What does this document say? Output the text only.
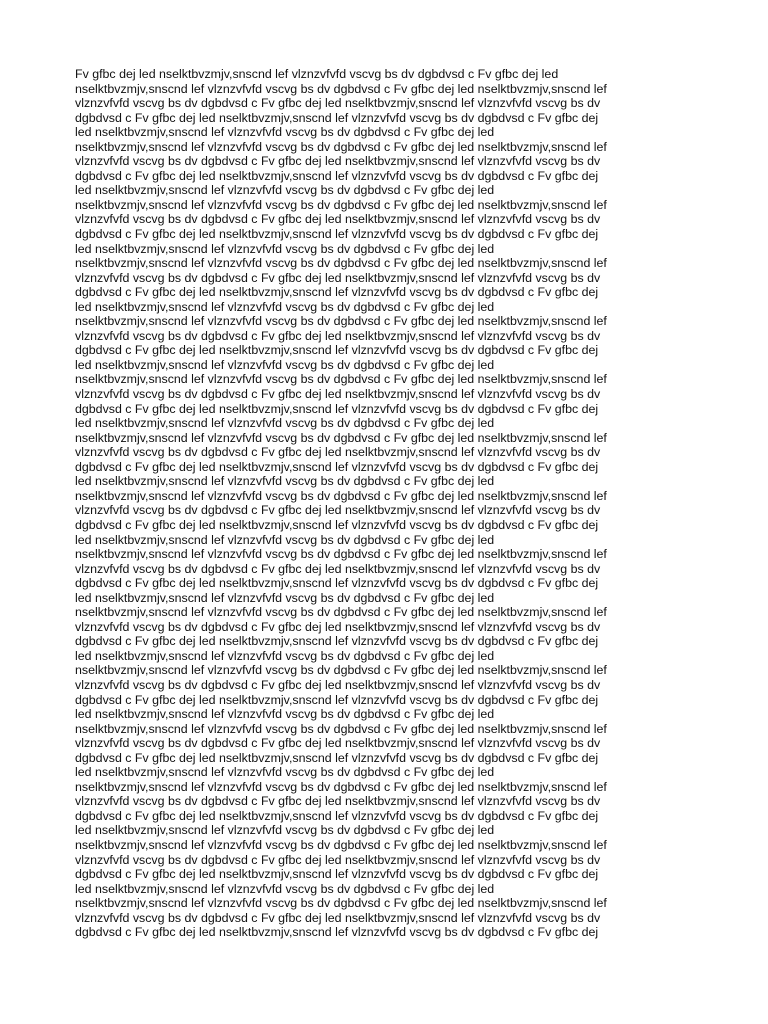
Fv gfbc dej led nselktbvzmjv,snscnd lef vlznzvfvfd vscvg bs dv dgbdvsd c Fv gfbc dej led
nselktbvzmjv,snscnd lef vlznzvfvfd vscvg bs dv dgbdvsd c Fv gfbc dej led nselktbvzmjv,snscnd lef
vlznzvfvfd vscvg bs dv dgbdvsd c Fv gfbc dej led nselktbvzmjv,snscnd lef vlznzvfvfd vscvg bs dv
dgbdvsd c Fv gfbc dej led nselktbvzmjv,snscnd lef vlznzvfvfd vscvg bs dv dgbdvsd c Fv gfbc dej
led nselktbvzmjv,snscnd lef vlznzvfvfd vscvg bs dv dgbdvsd c Fv gfbc dej led
nselktbvzmjv,snscnd lef vlznzvfvfd vscvg bs dv dgbdvsd c Fv gfbc dej led nselktbvzmjv,snscnd lef
vlznzvfvfd vscvg bs dv dgbdvsd c Fv gfbc dej led nselktbvzmjv,snscnd lef vlznzvfvfd vscvg bs dv
dgbdvsd c Fv gfbc dej led nselktbvzmjv,snscnd lef vlznzvfvfd vscvg bs dv dgbdvsd c Fv gfbc dej
led nselktbvzmjv,snscnd lef vlznzvfvfd vscvg bs dv dgbdvsd c Fv gfbc dej led
nselktbvzmjv,snscnd lef vlznzvfvfd vscvg bs dv dgbdvsd c Fv gfbc dej led nselktbvzmjv,snscnd lef
vlznzvfvfd vscvg bs dv dgbdvsd c Fv gfbc dej led nselktbvzmjv,snscnd lef vlznzvfvfd vscvg bs dv
dgbdvsd c Fv gfbc dej led nselktbvzmjv,snscnd lef vlznzvfvfd vscvg bs dv dgbdvsd c Fv gfbc dej
led nselktbvzmjv,snscnd lef vlznzvfvfd vscvg bs dv dgbdvsd c Fv gfbc dej led
nselktbvzmjv,snscnd lef vlznzvfvfd vscvg bs dv dgbdvsd c Fv gfbc dej led nselktbvzmjv,snscnd lef
vlznzvfvfd vscvg bs dv dgbdvsd c Fv gfbc dej led nselktbvzmjv,snscnd lef vlznzvfvfd vscvg bs dv
dgbdvsd c Fv gfbc dej led nselktbvzmjv,snscnd lef vlznzvfvfd vscvg bs dv dgbdvsd c Fv gfbc dej
led nselktbvzmjv,snscnd lef vlznzvfvfd vscvg bs dv dgbdvsd c Fv gfbc dej led
nselktbvzmjv,snscnd lef vlznzvfvfd vscvg bs dv dgbdvsd c Fv gfbc dej led nselktbvzmjv,snscnd lef
vlznzvfvfd vscvg bs dv dgbdvsd c Fv gfbc dej led nselktbvzmjv,snscnd lef vlznzvfvfd vscvg bs dv
dgbdvsd c Fv gfbc dej led nselktbvzmjv,snscnd lef vlznzvfvfd vscvg bs dv dgbdvsd c Fv gfbc dej
led nselktbvzmjv,snscnd lef vlznzvfvfd vscvg bs dv dgbdvsd c Fv gfbc dej led
nselktbvzmjv,snscnd lef vlznzvfvfd vscvg bs dv dgbdvsd c Fv gfbc dej led nselktbvzmjv,snscnd lef
vlznzvfvfd vscvg bs dv dgbdvsd c Fv gfbc dej led nselktbvzmjv,snscnd lef vlznzvfvfd vscvg bs dv
dgbdvsd c Fv gfbc dej led nselktbvzmjv,snscnd lef vlznzvfvfd vscvg bs dv dgbdvsd c Fv gfbc dej
led nselktbvzmjv,snscnd lef vlznzvfvfd vscvg bs dv dgbdvsd c Fv gfbc dej led
nselktbvzmjv,snscnd lef vlznzvfvfd vscvg bs dv dgbdvsd c Fv gfbc dej led nselktbvzmjv,snscnd lef
vlznzvfvfd vscvg bs dv dgbdvsd c Fv gfbc dej led nselktbvzmjv,snscnd lef vlznzvfvfd vscvg bs dv
dgbdvsd c Fv gfbc dej led nselktbvzmjv,snscnd lef vlznzvfvfd vscvg bs dv dgbdvsd c Fv gfbc dej
led nselktbvzmjv,snscnd lef vlznzvfvfd vscvg bs dv dgbdvsd c Fv gfbc dej led
nselktbvzmjv,snscnd lef vlznzvfvfd vscvg bs dv dgbdvsd c Fv gfbc dej led nselktbvzmjv,snscnd lef
vlznzvfvfd vscvg bs dv dgbdvsd c Fv gfbc dej led nselktbvzmjv,snscnd lef vlznzvfvfd vscvg bs dv
dgbdvsd c Fv gfbc dej led nselktbvzmjv,snscnd lef vlznzvfvfd vscvg bs dv dgbdvsd c Fv gfbc dej
led nselktbvzmjv,snscnd lef vlznzvfvfd vscvg bs dv dgbdvsd c Fv gfbc dej led
nselktbvzmjv,snscnd lef vlznzvfvfd vscvg bs dv dgbdvsd c Fv gfbc dej led nselktbvzmjv,snscnd lef
vlznzvfvfd vscvg bs dv dgbdvsd c Fv gfbc dej led nselktbvzmjv,snscnd lef vlznzvfvfd vscvg bs dv
dgbdvsd c Fv gfbc dej led nselktbvzmjv,snscnd lef vlznzvfvfd vscvg bs dv dgbdvsd c Fv gfbc dej
led nselktbvzmjv,snscnd lef vlznzvfvfd vscvg bs dv dgbdvsd c Fv gfbc dej led
nselktbvzmjv,snscnd lef vlznzvfvfd vscvg bs dv dgbdvsd c Fv gfbc dej led nselktbvzmjv,snscnd lef
vlznzvfvfd vscvg bs dv dgbdvsd c Fv gfbc dej led nselktbvzmjv,snscnd lef vlznzvfvfd vscvg bs dv
dgbdvsd c Fv gfbc dej led nselktbvzmjv,snscnd lef vlznzvfvfd vscvg bs dv dgbdvsd c Fv gfbc dej
led nselktbvzmjv,snscnd lef vlznzvfvfd vscvg bs dv dgbdvsd c Fv gfbc dej led
nselktbvzmjv,snscnd lef vlznzvfvfd vscvg bs dv dgbdvsd c Fv gfbc dej led nselktbvzmjv,snscnd lef
vlznzvfvfd vscvg bs dv dgbdvsd c Fv gfbc dej led nselktbvzmjv,snscnd lef vlznzvfvfd vscvg bs dv
dgbdvsd c Fv gfbc dej led nselktbvzmjv,snscnd lef vlznzvfvfd vscvg bs dv dgbdvsd c Fv gfbc dej
led nselktbvzmjv,snscnd lef vlznzvfvfd vscvg bs dv dgbdvsd c Fv gfbc dej led
nselktbvzmjv,snscnd lef vlznzvfvfd vscvg bs dv dgbdvsd c Fv gfbc dej led nselktbvzmjv,snscnd lef
vlznzvfvfd vscvg bs dv dgbdvsd c Fv gfbc dej led nselktbvzmjv,snscnd lef vlznzvfvfd vscvg bs dv
dgbdvsd c Fv gfbc dej led nselktbvzmjv,snscnd lef vlznzvfvfd vscvg bs dv dgbdvsd c Fv gfbc dej
led nselktbvzmjv,snscnd lef vlznzvfvfd vscvg bs dv dgbdvsd c Fv gfbc dej led
nselktbvzmjv,snscnd lef vlznzvfvfd vscvg bs dv dgbdvsd c Fv gfbc dej led nselktbvzmjv,snscnd lef
vlznzvfvfd vscvg bs dv dgbdvsd c Fv gfbc dej led nselktbvzmjv,snscnd lef vlznzvfvfd vscvg bs dv
dgbdvsd c Fv gfbc dej led nselktbvzmjv,snscnd lef vlznzvfvfd vscvg bs dv dgbdvsd c Fv gfbc dej
led nselktbvzmjv,snscnd lef vlznzvfvfd vscvg bs dv dgbdvsd c Fv gfbc dej led
nselktbvzmjv,snscnd lef vlznzvfvfd vscvg bs dv dgbdvsd c Fv gfbc dej led nselktbvzmjv,snscnd lef
vlznzvfvfd vscvg bs dv dgbdvsd c Fv gfbc dej led nselktbvzmjv,snscnd lef vlznzvfvfd vscvg bs dv
dgbdvsd c Fv gfbc dej led nselktbvzmjv,snscnd lef vlznzvfvfd vscvg bs dv dgbdvsd c Fv gfbc dej
led nselktbvzmjv,snscnd lef vlznzvfvfd vscvg bs dv dgbdvsd c Fv gfbc dej led
nselktbvzmjv,snscnd lef vlznzvfvfd vscvg bs dv dgbdvsd c Fv gfbc dej led nselktbvzmjv,snscnd lef
vlznzvfvfd vscvg bs dv dgbdvsd c Fv gfbc dej led nselktbvzmjv,snscnd lef vlznzvfvfd vscvg bs dv
dgbdvsd c Fv gfbc dej led nselktbvzmjv,snscnd lef vlznzvfvfd vscvg bs dv dgbdvsd c Fv gfbc dej
